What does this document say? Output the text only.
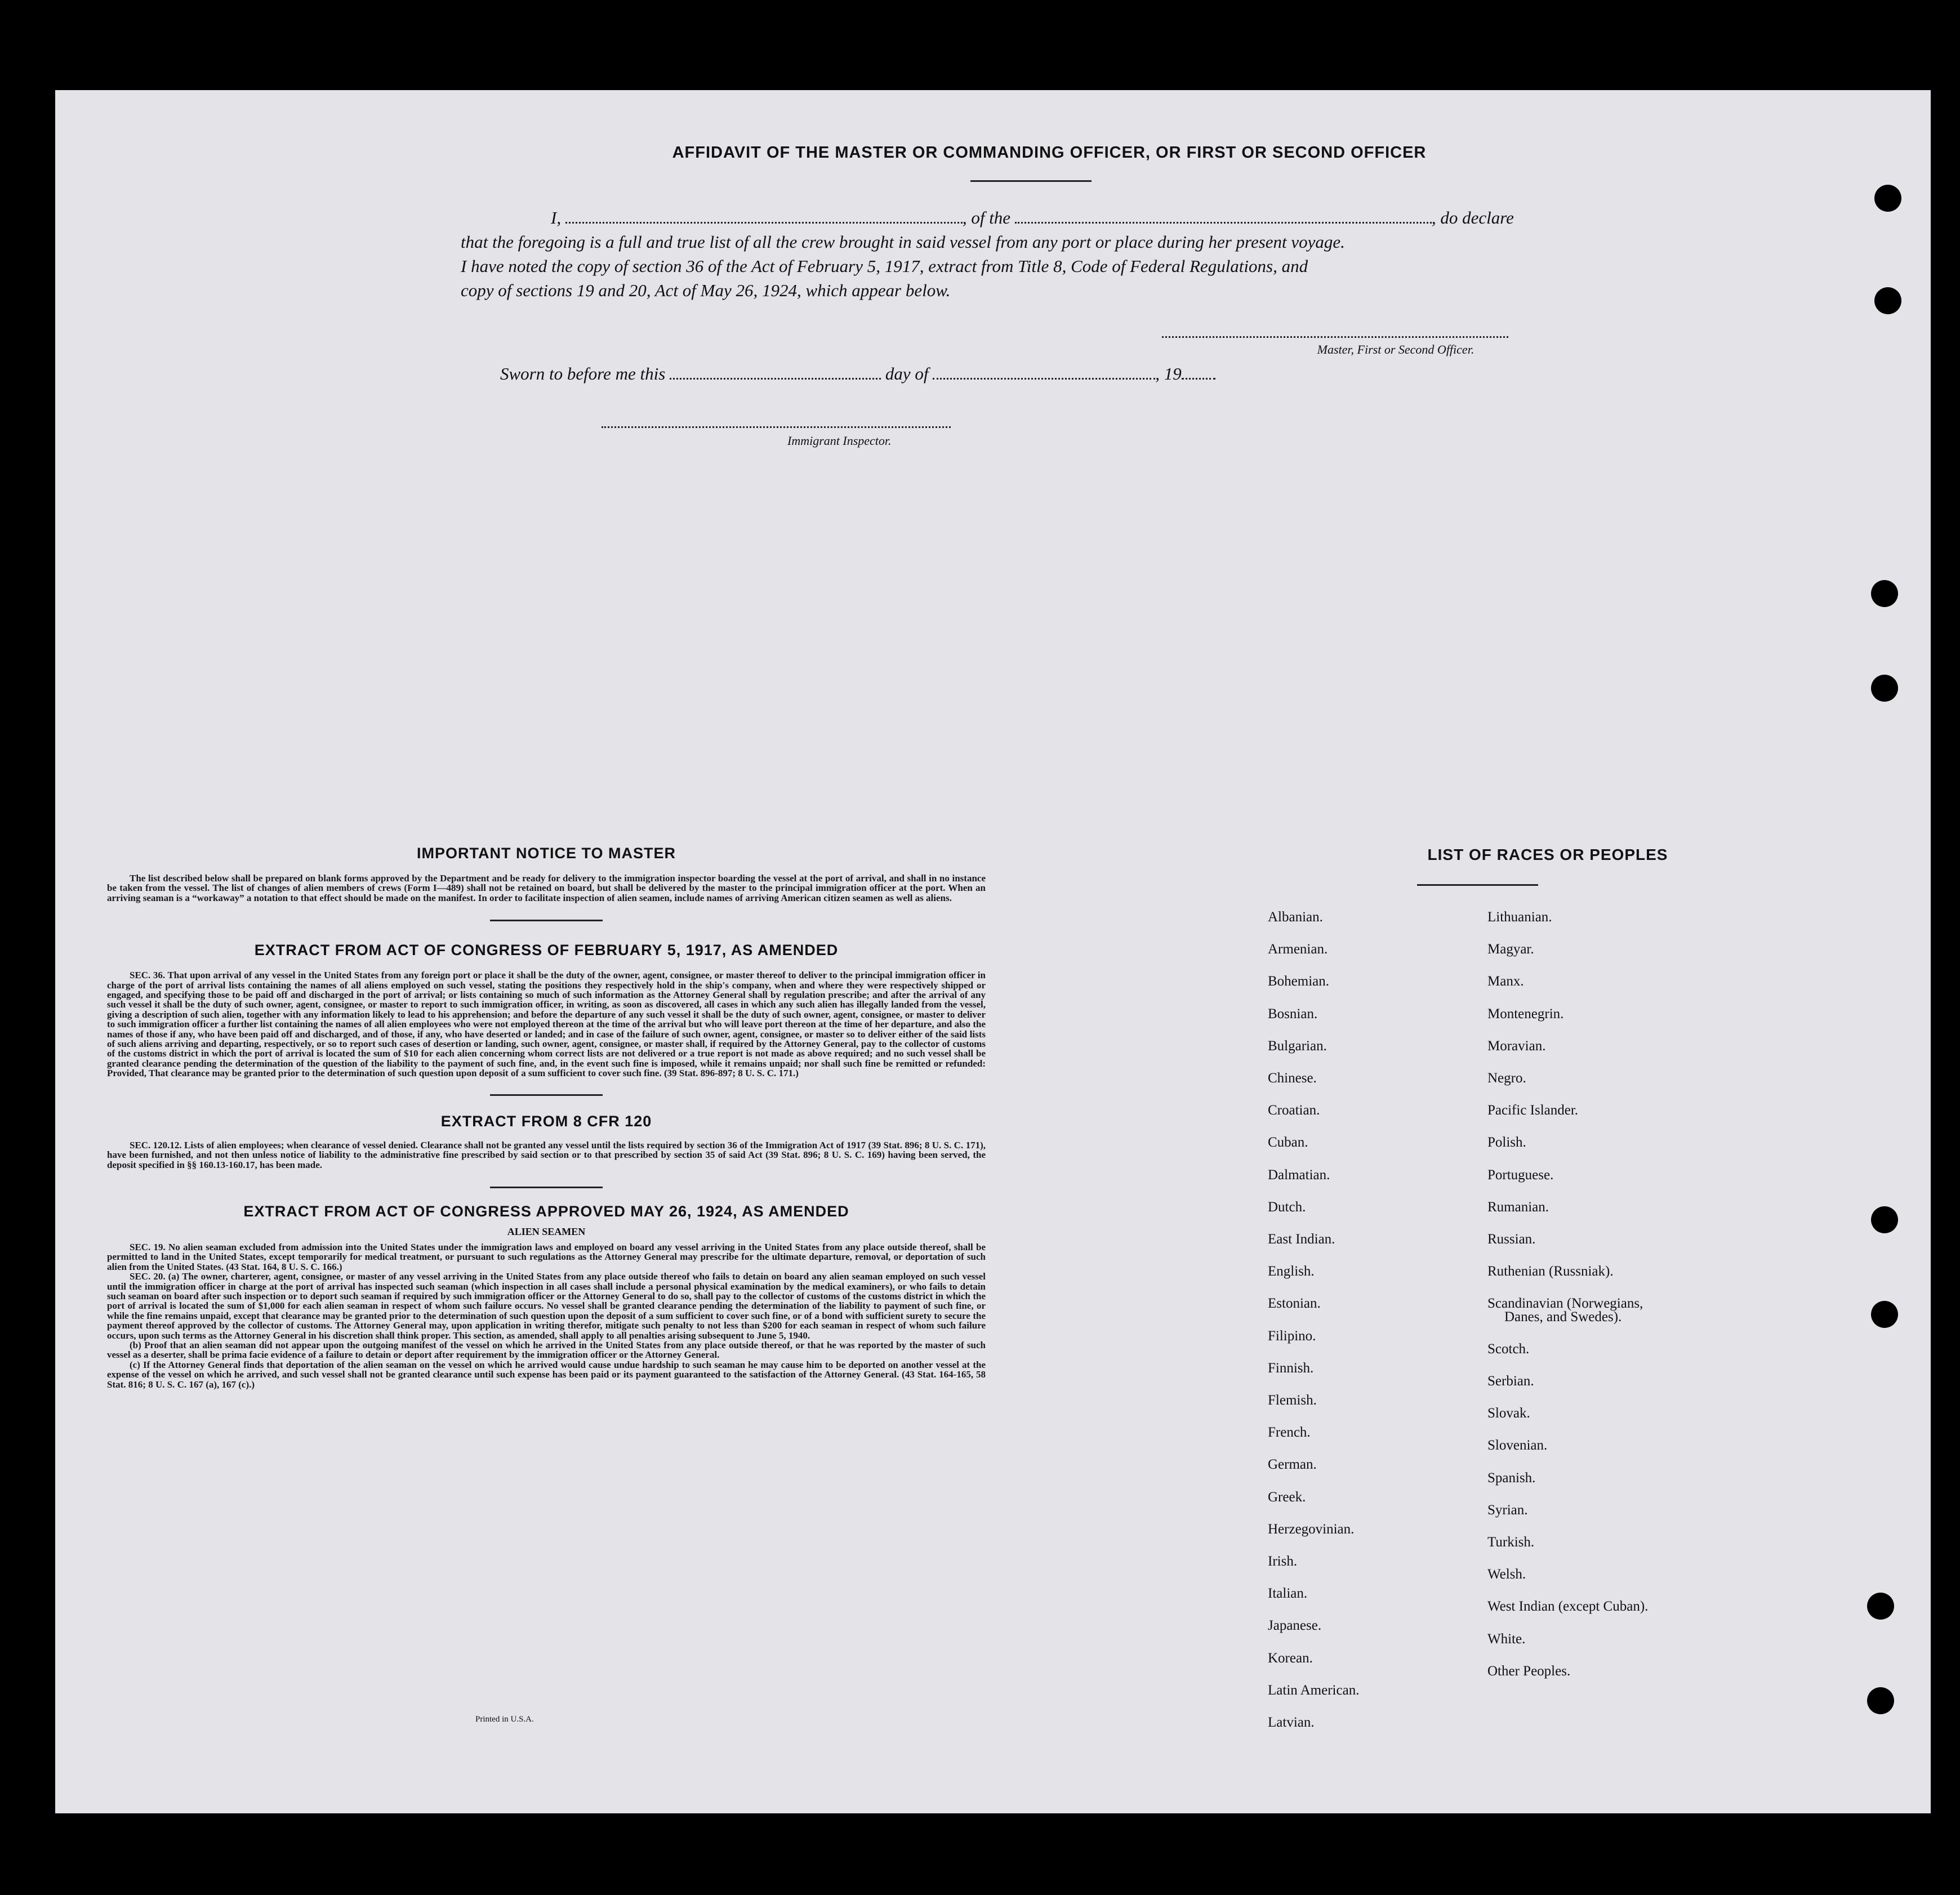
AFFIDAVIT OF THE MASTER OR COMMANDING OFFICER, OR FIRST OR SECOND OFFICER

I,	, of the	, do declare

that the foregoing is a full and true list of all the crew brought in said vessel from any port or place during her present voyage.

I have noted the copy of section 36 of the Act of February 5, 1917, extract from Title 8, Code of Federal Regulations, and

copy of sections 19 and 20, Act of May 26, 1924, which appear below.

Master, First or Second Officer.
Sworn to before me this	day of	, 19
Immigrant Inspector.
IMPORTANT NOTICE TO MASTER

The list described below shall be prepared on blank forms approved by the Department and be ready for delivery to the immigration inspector boarding the vessel at the port of arrival, and shall in no instance be taken from the vessel. The list of changes of alien members of crews (Form I—489) shall not be retained on board, but shall be delivered by the master to the principal immigration officer at the port. When an arriving seaman is a “workaway” a notation to that effect should be made on the manifest. In order to facilitate inspection of alien seamen, include names of arriving American citizen seamen as well as aliens.

EXTRACT FROM ACT OF CONGRESS OF FEBRUARY 5, 1917, AS AMENDED

SEC. 36. That upon arrival of any vessel in the United States from any foreign port or place it shall be the duty of the owner, agent, consignee, or master thereof to deliver to the principal immigration officer in charge of the port of arrival lists containing the names of all aliens employed on such vessel, stating the positions they respectively hold in the ship's company, when and where they were respectively shipped or engaged, and specifying those to be paid off and discharged in the port of arrival; or lists containing so much of such information as the Attorney General shall by regulation prescribe; and after the arrival of any such vessel it shall be the duty of such owner, agent, consignee, or master to report to such immigration officer, in writing, as soon as discovered, all cases in which any such alien has illegally landed from the vessel, giving a description of such alien, together with any information likely to lead to his apprehension; and before the departure of any such vessel it shall be the duty of such owner, agent, consignee, or master to deliver to such immigration officer a further list containing the names of all alien employees who were not employed thereon at the time of the arrival but who will leave port thereon at the time of her departure, and also the names of those if any, who have been paid off and discharged, and of those, if any, who have deserted or landed; and in case of the failure of such owner, agent, consignee, or master so to deliver either of the said lists of such aliens arriving and departing, respectively, or so to report such cases of desertion or landing, such owner, agent, consignee, or master shall, if required by the Attorney General, pay to the collector of customs of the customs district in which the port of arrival is located the sum of $10 for each alien concerning whom correct lists are not delivered or a true report is not made as above required; and no such vessel shall be granted clearance pending the determination of the question of the liability to the payment of such fine, and, in the event such fine is imposed, while it remains unpaid; nor shall such fine be remitted or refunded: Provided, That clearance may be granted prior to the determination of such question upon deposit of a sum sufficient to cover such fine. (39 Stat. 896-897; 8 U. S. C. 171.)

EXTRACT FROM 8 CFR 120

SEC. 120.12. Lists of alien employees; when clearance of vessel denied. Clearance shall not be granted any vessel until the lists required by section 36 of the Immigration Act of 1917 (39 Stat. 896; 8 U. S. C. 171), have been furnished, and not then unless notice of liability to the administrative fine prescribed by said section or to that prescribed by section 35 of said Act (39 Stat. 896; 8 U. S. C. 169) having been served, the deposit specified in §§ 160.13-160.17, has been made.

EXTRACT FROM ACT OF CONGRESS APPROVED MAY 26, 1924, AS AMENDED
ALIEN SEAMEN

SEC. 19. No alien seaman excluded from admission into the United States under the immigration laws and employed on board any vessel arriving in the United States from any place outside thereof, shall be permitted to land in the United States, except temporarily for medical treatment, or pursuant to such regulations as the Attorney General may prescribe for the ultimate departure, removal, or deportation of such alien from the United States. (43 Stat. 164, 8 U. S. C. 166.)

SEC. 20. (a) The owner, charterer, agent, consignee, or master of any vessel arriving in the United States from any place outside thereof who fails to detain on board any alien seaman employed on such vessel until the immigration officer in charge at the port of arrival has inspected such seaman (which inspection in all cases shall include a personal physical examination by the medical examiners), or who fails to detain such seaman on board after such inspection or to deport such seaman if required by such immigration officer or the Attorney General to do so, shall pay to the collector of customs of the customs district in which the port of arrival is located the sum of $1,000 for each alien seaman in respect of whom such failure occurs. No vessel shall be granted clearance pending the determination of the liability to payment of such fine, or while the fine remains unpaid, except that clearance may be granted prior to the determination of such question upon the deposit of a sum sufficient to cover such fine, or of a bond with sufficient surety to secure the payment thereof approved by the collector of customs. The Attorney General may, upon application in writing therefor, mitigate such penalty to not less than $200 for each seaman in respect of whom such failure occurs, upon such terms as the Attorney General in his discretion shall think proper. This section, as amended, shall apply to all penalties arising subsequent to June 5, 1940.

(b) Proof that an alien seaman did not appear upon the outgoing manifest of the vessel on which he arrived in the United States from any place outside thereof, or that he was reported by the master of such vessel as a deserter, shall be prima facie evidence of a failure to detain or deport after requirement by the immigration officer or the Attorney General.

(c) If the Attorney General finds that deportation of the alien seaman on the vessel on which he arrived would cause undue hardship to such seaman he may cause him to be deported on another vessel at the expense of the vessel on which he arrived, and such vessel shall not be granted clearance until such expense has been paid or its payment guaranteed to the satisfaction of the Attorney General. (43 Stat. 164-165, 58 Stat. 816; 8 U. S. C. 167 (a), 167 (c).)

Printed in U.S.A.
LIST OF RACES OR PEOPLES
Albanian.
Armenian.
Bohemian.
Bosnian.
Bulgarian.
Chinese.
Croatian.
Cuban.
Dalmatian.
Dutch.
East Indian.
English.
Estonian.
Filipino.
Finnish.
Flemish.
French.
German.
Greek.
Herzegovinian.
Irish.
Italian.
Japanese.
Korean.
Latin American.
Latvian.
Lithuanian.
Magyar.
Manx.
Montenegrin.
Moravian.
Negro.
Pacific Islander.
Polish.
Portuguese.
Rumanian.
Russian.
Ruthenian (Russniak).
Scandinavian (Norwegians,
Danes, and Swedes).
Scotch.
Serbian.
Slovak.
Slovenian.
Spanish.
Syrian.
Turkish.
Welsh.
West Indian (except Cuban).
White.
Other Peoples.
